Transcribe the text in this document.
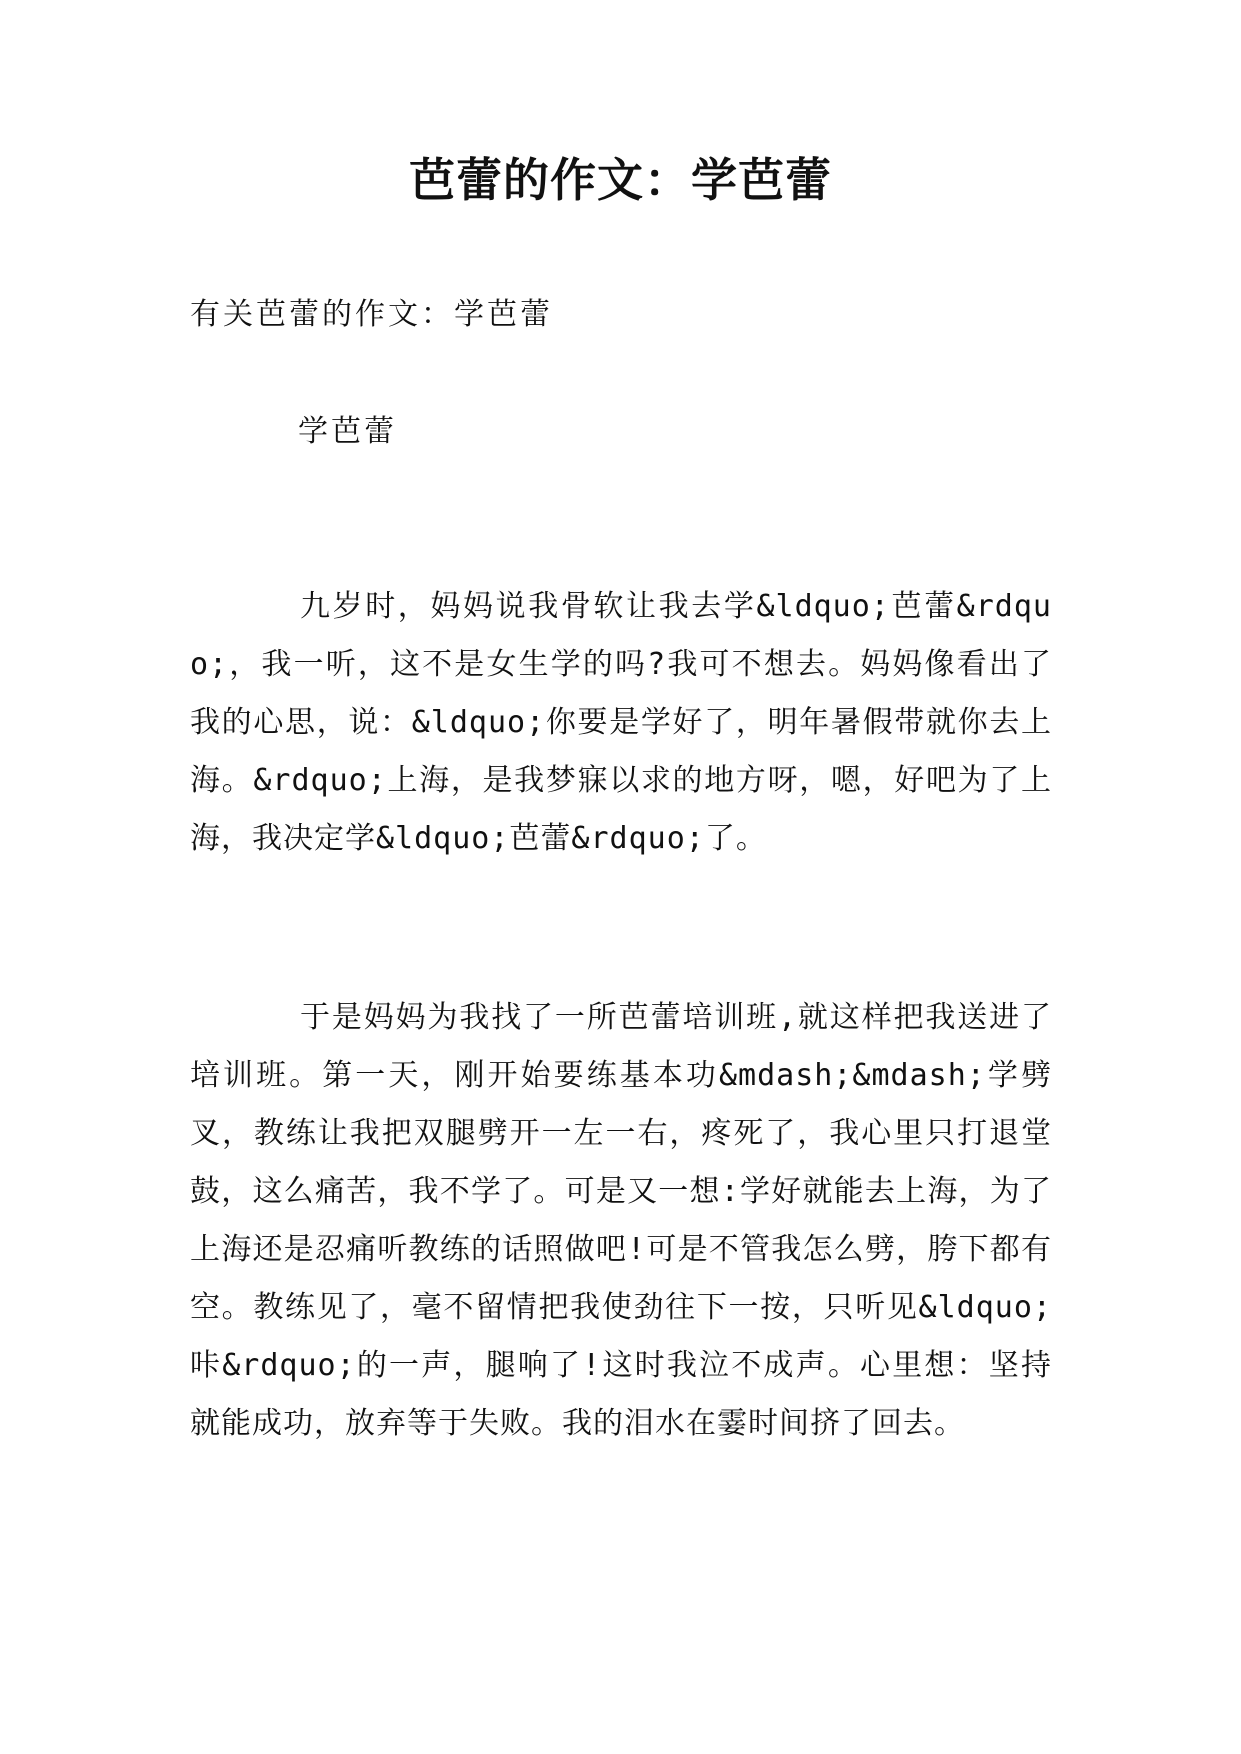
芭蕾的作文：学芭蕾
有关芭蕾的作文：学芭蕾
学芭蕾

九岁时，妈妈说我骨软让我去学&ldquo;芭蕾&rdquo;，我一听，这不是女生学的吗?我可不想去。妈妈像看出了我的心思，说：&ldquo;你要是学好了，明年暑假带就你去上海。&rdquo;上海，是我梦寐以求的地方呀，嗯，好吧为了上海，我决定学&ldquo;芭蕾&rdquo;了。

于是妈妈为我找了一所芭蕾培训班,就这样把我送进了培训班。第一天，刚开始要练基本功&mdash;&mdash;学劈叉，教练让我把双腿劈开一左一右，疼死了，我心里只打退堂鼓，这么痛苦，我不学了。可是又一想:学好就能去上海，为了上海还是忍痛听教练的话照做吧!可是不管我怎么劈，胯下都有空。教练见了，毫不留情把我使劲往下一按，只听见&ldquo;咔&rdquo;的一声，腿响了!这时我泣不成声。心里想：坚持就能成功，放弃等于失败。我的泪水在霎时间挤了回去。
